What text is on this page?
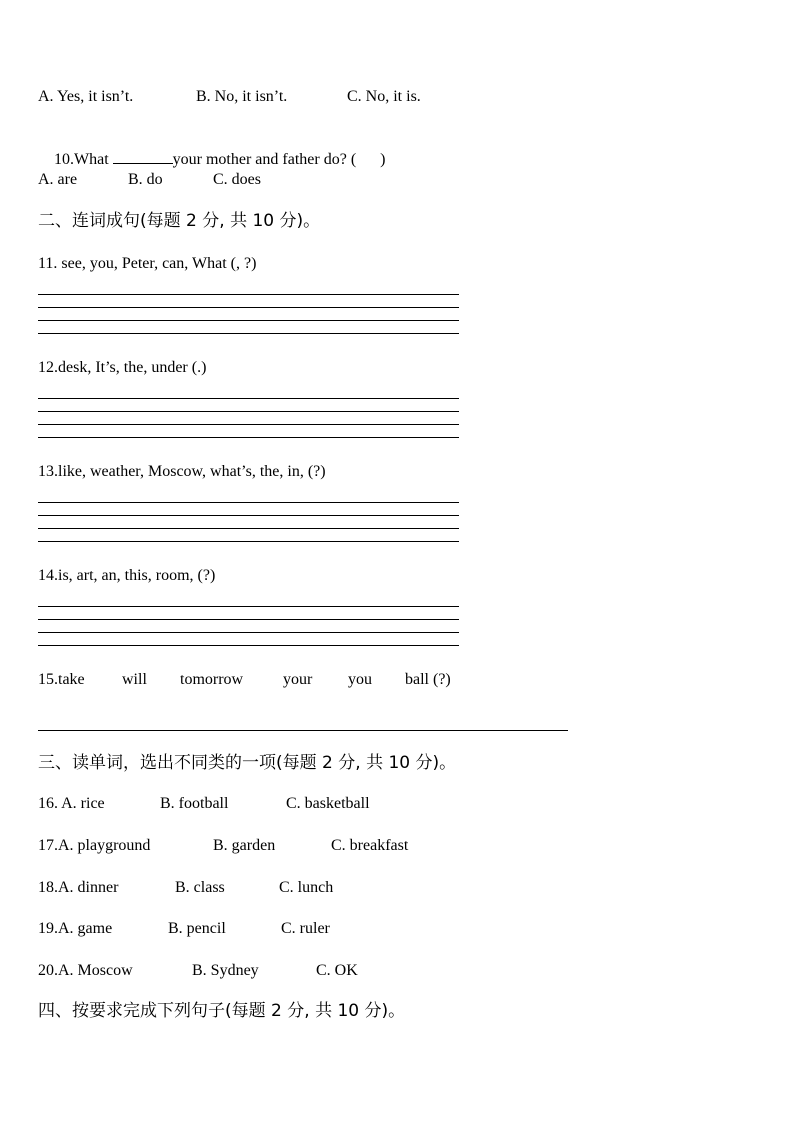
A. Yes, it isn’t.	B. No, it isn’t.	C. No, it is.

10.What	your mother and father do? (      )

A. are	B. do	C. does
二、连词成句(每题 2 分, 共 10 分)。
11. see, you, Peter, can, What (, ?)
12.desk, It’s, the, under (.)
13.like, weather, Moscow, what’s, the, in, (?)
14.is, art, an, this, room, (?)
15.take will tomorrow your you ball (?)
三、读单词，选出不同类的一项(每题 2 分, 共 10 分)。
16. A. rice	B. football	C. basketball
17.A. playground	B. garden	C. breakfast
18.A. dinner	B. class	C. lunch
19.A. game	B. pencil	C. ruler
20.A. Moscow	B. Sydney	C. OK
四、按要求完成下列句子(每题 2 分, 共 10 分)。
